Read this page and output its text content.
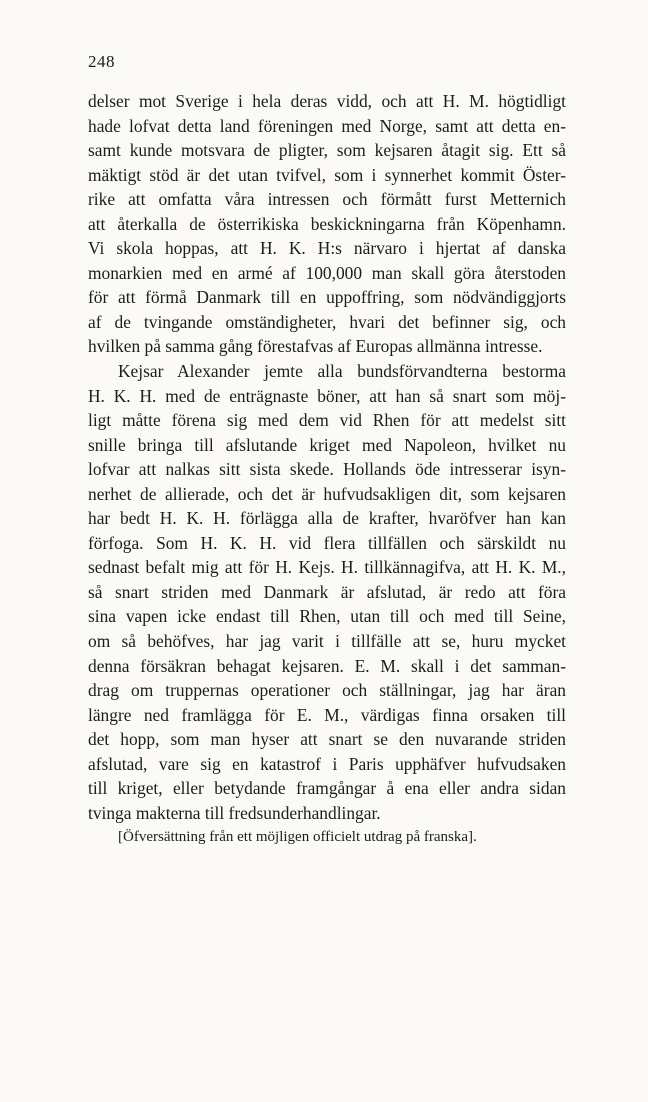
248
delser mot Sverige i hela deras vidd, och att H. M. högtidligt
hade lofvat detta land föreningen med Norge, samt att detta en-
samt kunde motsvara de pligter, som kejsaren åtagit sig. Ett så
mäktigt stöd är det utan tvifvel, som i synnerhet kommit Öster-
rike att omfatta våra intressen och förmått furst Metternich
att återkalla de österrikiska beskickningarna från Köpenhamn.
Vi skola hoppas, att H. K. H:s närvaro i hjertat af danska
monarkien med en armé af 100,000 man skall göra återstoden
för att förmå Danmark till en uppoffring, som nödvändiggjorts
af de tvingande omständigheter, hvari det befinner sig, och
hvilken på samma gång förestafvas af Europas allmänna intresse.
Kejsar Alexander jemte alla bundsförvandterna bestorma
H. K. H. med de enträgnaste böner, att han så snart som möj-
ligt måtte förena sig med dem vid Rhen för att medelst sitt
snille bringa till afslutande kriget med Napoleon, hvilket nu
lofvar att nalkas sitt sista skede. Hollands öde intresserar isyn-
nerhet de allierade, och det är hufvudsakligen dit, som kejsaren
har bedt H. K. H. förlägga alla de krafter, hvaröfver han kan
förfoga. Som H. K. H. vid flera tillfällen och särskildt nu
sednast befalt mig att för H. Kejs. H. tillkännagifva, att H. K. M.,
så snart striden med Danmark är afslutad, är redo att föra
sina vapen icke endast till Rhen, utan till och med till Seine,
om så behöfves, har jag varit i tillfälle att se, huru mycket
denna försäkran behagat kejsaren. E. M. skall i det samman-
drag om truppernas operationer och ställningar, jag har äran
längre ned framlägga för E. M., värdigas finna orsaken till
det hopp, som man hyser att snart se den nuvarande striden
afslutad, vare sig en katastrof i Paris upphäfver hufvudsaken
till kriget, eller betydande framgångar å ena eller andra sidan
tvinga makterna till fredsunderhandlingar.
[Öfversättning från ett möjligen officielt utdrag på franska].
